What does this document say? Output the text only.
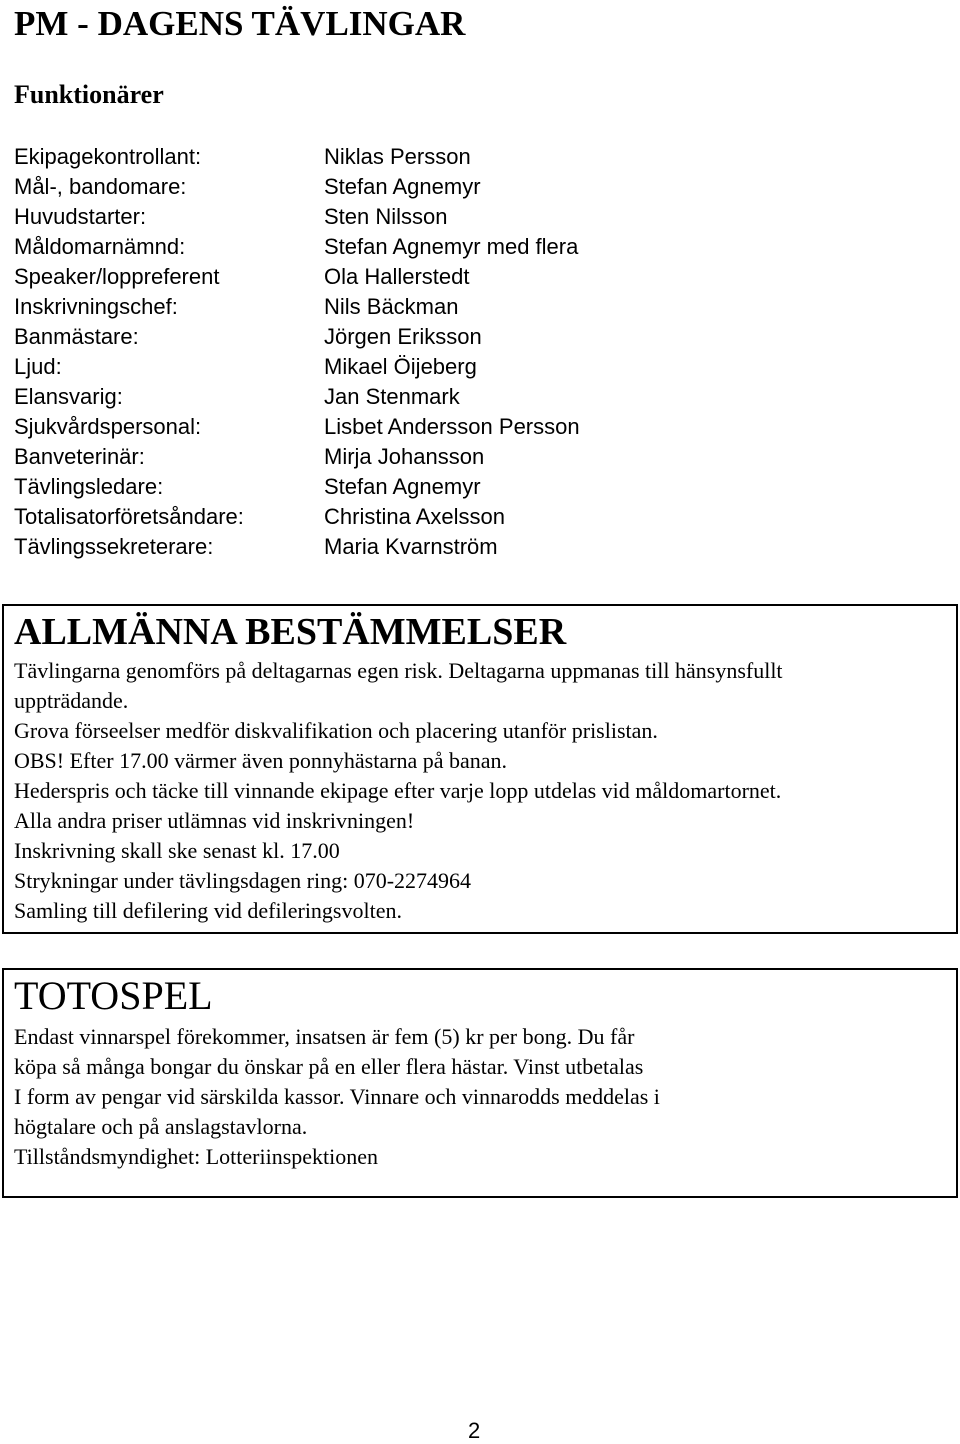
PM - DAGENS TÄVLINGAR
Funktionärer
Ekipagekontrollant:	Niklas Persson
Mål-, bandomare:	Stefan Agnemyr
Huvudstarter:	Sten Nilsson
Måldomarnämnd:	Stefan Agnemyr med flera
Speaker/loppreferent	Ola Hallerstedt
Inskrivningschef:	Nils Bäckman
Banmästare:	Jörgen Eriksson
Ljud:	Mikael Öijeberg
Elansvarig:	Jan Stenmark
Sjukvårdspersonal:	Lisbet Andersson Persson
Banveterinär:	Mirja Johansson
Tävlingsledare:	Stefan Agnemyr
Totalisatorföretsåndare:	Christina Axelsson
Tävlingssekreterare:	Maria Kvarnström
ALLMÄNNA BESTÄMMELSER
Tävlingarna genomförs på deltagarnas egen risk. Deltagarna uppmanas till hänsynsfullt
uppträdande.
Grova förseelser medför diskvalifikation och placering utanför prislistan.
OBS! Efter 17.00 värmer även ponnyhästarna på banan.
Hederspris och täcke till vinnande ekipage efter varje lopp utdelas vid måldomartornet.
Alla andra priser utlämnas vid inskrivningen!
Inskrivning skall ske senast kl. 17.00
Strykningar under tävlingsdagen ring: 070-2274964
Samling till defilering vid defileringsvolten.
TOTOSPEL
Endast vinnarspel förekommer, insatsen är fem (5) kr per bong. Du får
köpa så många bongar du önskar på en eller flera hästar. Vinst utbetalas
I form av pengar vid särskilda kassor. Vinnare och vinnarodds meddelas i
högtalare och på anslagstavlorna.
Tillståndsmyndighet: Lotteriinspektionen
2
